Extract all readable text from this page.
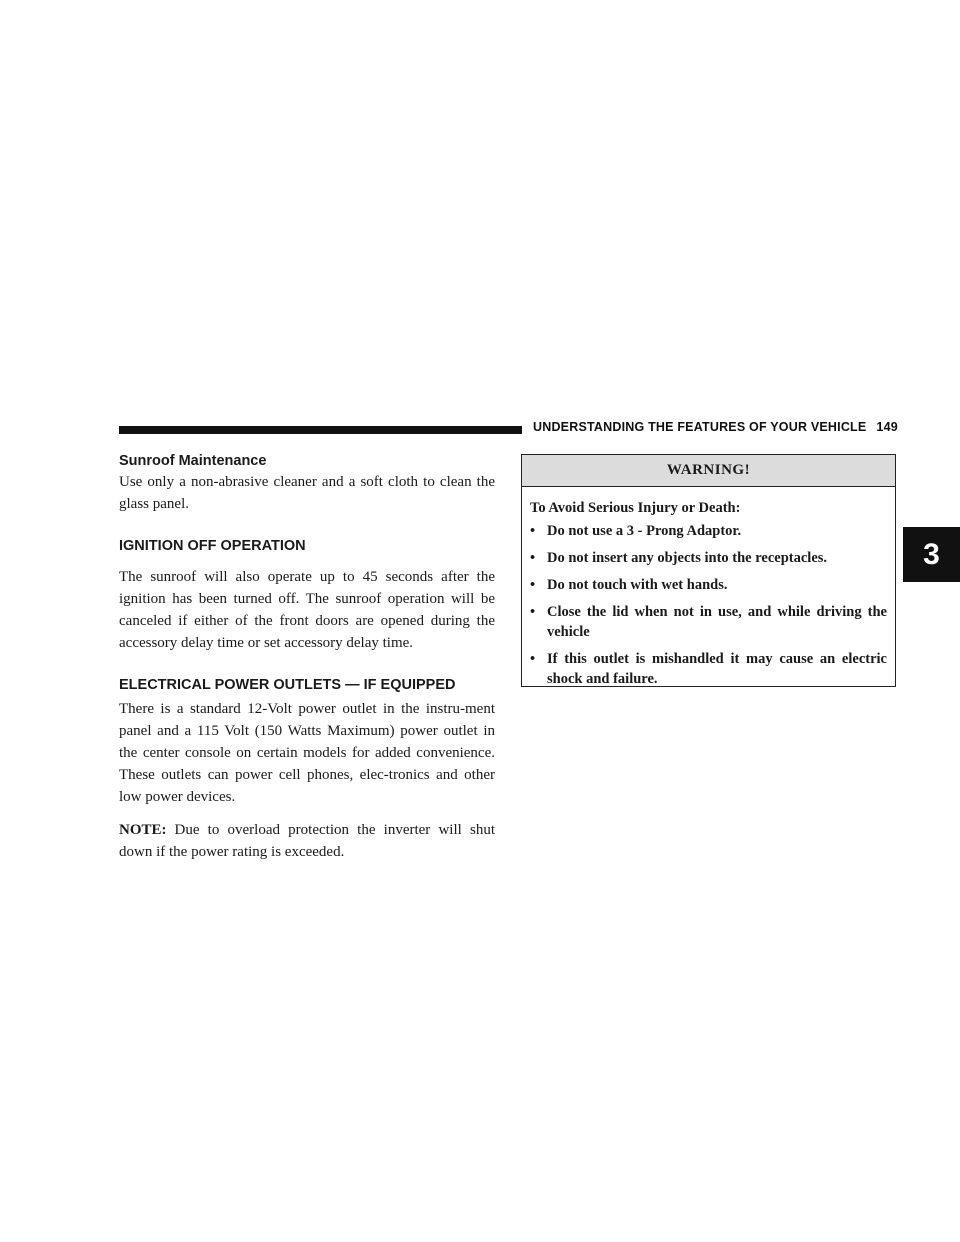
UNDERSTANDING THE FEATURES OF YOUR VEHICLE 149
3
Sunroof Maintenance

Use only a non-abrasive cleaner and a soft cloth to clean the glass panel.

IGNITION OFF OPERATION

The sunroof will also operate up to 45 seconds after the ignition has been turned off. The sunroof operation will be canceled if either of the front doors are opened during the accessory delay time or set accessory delay time.

ELECTRICAL POWER OUTLETS — IF EQUIPPED

There is a standard 12-Volt power outlet in the instru-ment panel and a 115 Volt (150 Watts Maximum) power outlet in the center console on certain models for added convenience. These outlets can power cell phones, elec-tronics and other low power devices.

NOTE: Due to overload protection the inverter will shut down if the power rating is exceeded.

WARNING!
To Avoid Serious Injury or Death:
• Do not use a 3 - Prong Adaptor.
• Do not insert any objects into the receptacles.
• Do not touch with wet hands.
• Close the lid when not in use, and while driving the vehicle
• If this outlet is mishandled it may cause an electric shock and failure.
